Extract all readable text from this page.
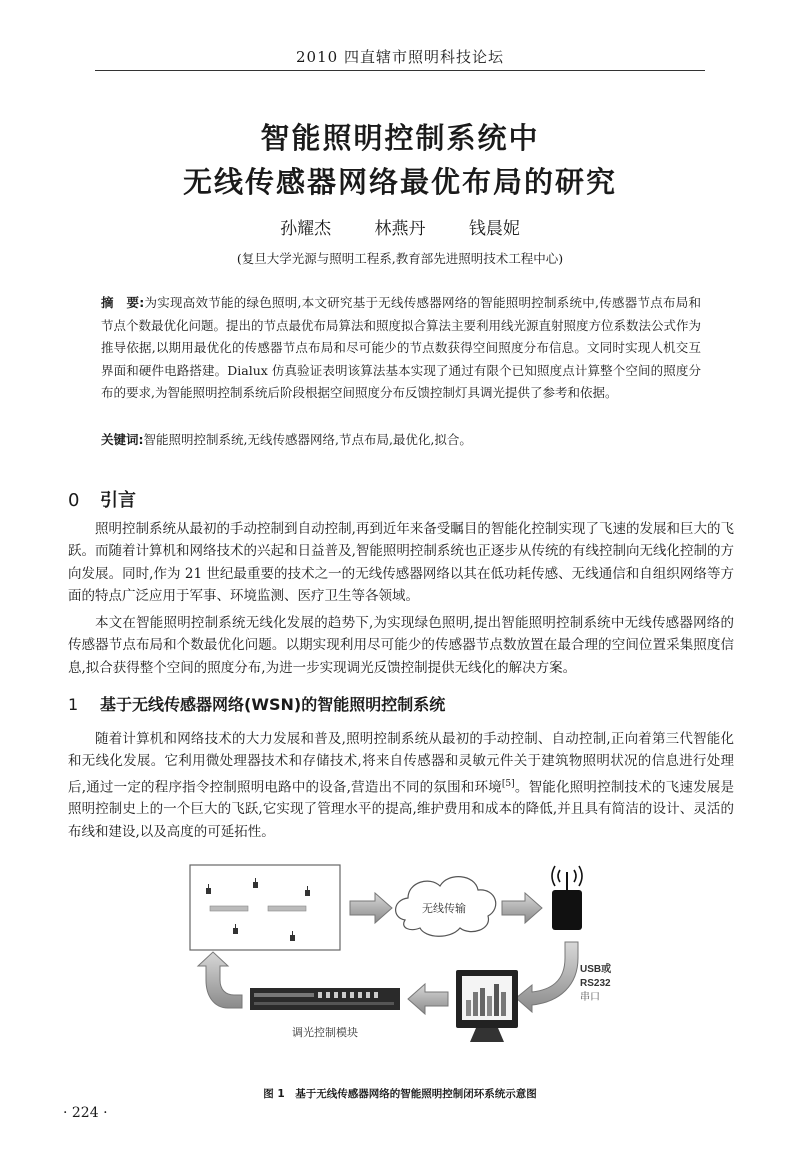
2010 四直辖市照明科技论坛
智能照明控制系统中
无线传感器网络最优布局的研究
孙耀杰	林燕丹	钱晨妮
(复旦大学光源与照明工程系,教育部先进照明技术工程中心)
摘　要:为实现高效节能的绿色照明,本文研究基于无线传感器网络的智能照明控制系统中,传感器节点布局和节点个数最优化问题。提出的节点最优布局算法和照度拟合算法主要利用线光源直射照度方位系数法公式作为推导依据,以期用最优化的传感器节点布局和尽可能少的节点数获得空间照度分布信息。文同时实现人机交互界面和硬件电路搭建。Dialux 仿真验证表明该算法基本实现了通过有限个已知照度点计算整个空间的照度分布的要求,为智能照明控制系统后阶段根据空间照度分布反馈控制灯具调光提供了参考和依据。
关键词:智能照明控制系统,无线传感器网络,节点布局,最优化,拟合。
0 引言

照明控制系统从最初的手动控制到自动控制,再到近年来备受瞩目的智能化控制实现了飞速的发展和巨大的飞跃。而随着计算机和网络技术的兴起和日益普及,智能照明控制系统也正逐步从传统的有线控制向无线化控制的方向发展。同时,作为 21 世纪最重要的技术之一的无线传感器网络以其在低功耗传感、无线通信和自组织网络等方面的特点广泛应用于军事、环境监测、医疗卫生等各领域。

本文在智能照明控制系统无线化发展的趋势下,为实现绿色照明,提出智能照明控制系统中无线传感器网络的传感器节点布局和个数最优化问题。以期实现利用尽可能少的传感器节点数放置在最合理的空间位置采集照度信息,拟合获得整个空间的照度分布,为进一步实现调光反馈控制提供无线化的解决方案。

1 基于无线传感器网络(WSN)的智能照明控制系统

随着计算机和网络技术的大力发展和普及,照明控制系统从最初的手动控制、自动控制,正向着第三代智能化和无线化发展。它利用微处理器技术和存储技术,将来自传感器和灵敏元件关于建筑物照明状况的信息进行处理后,通过一定的程序指令控制照明电路中的设备,营造出不同的氛围和环境[5]。智能化照明控制技术的飞速发展是照明控制史上的一个巨大的飞跃,它实现了管理水平的提高,维护费用和成本的降低,并且具有简洁的设计、灵活的布线和建设,以及高度的可延拓性。

无线传输
USB或
RS232
串口
调光控制模块
图 1　基于无线传感器网络的智能照明控制闭环系统示意图
· 224 ·
